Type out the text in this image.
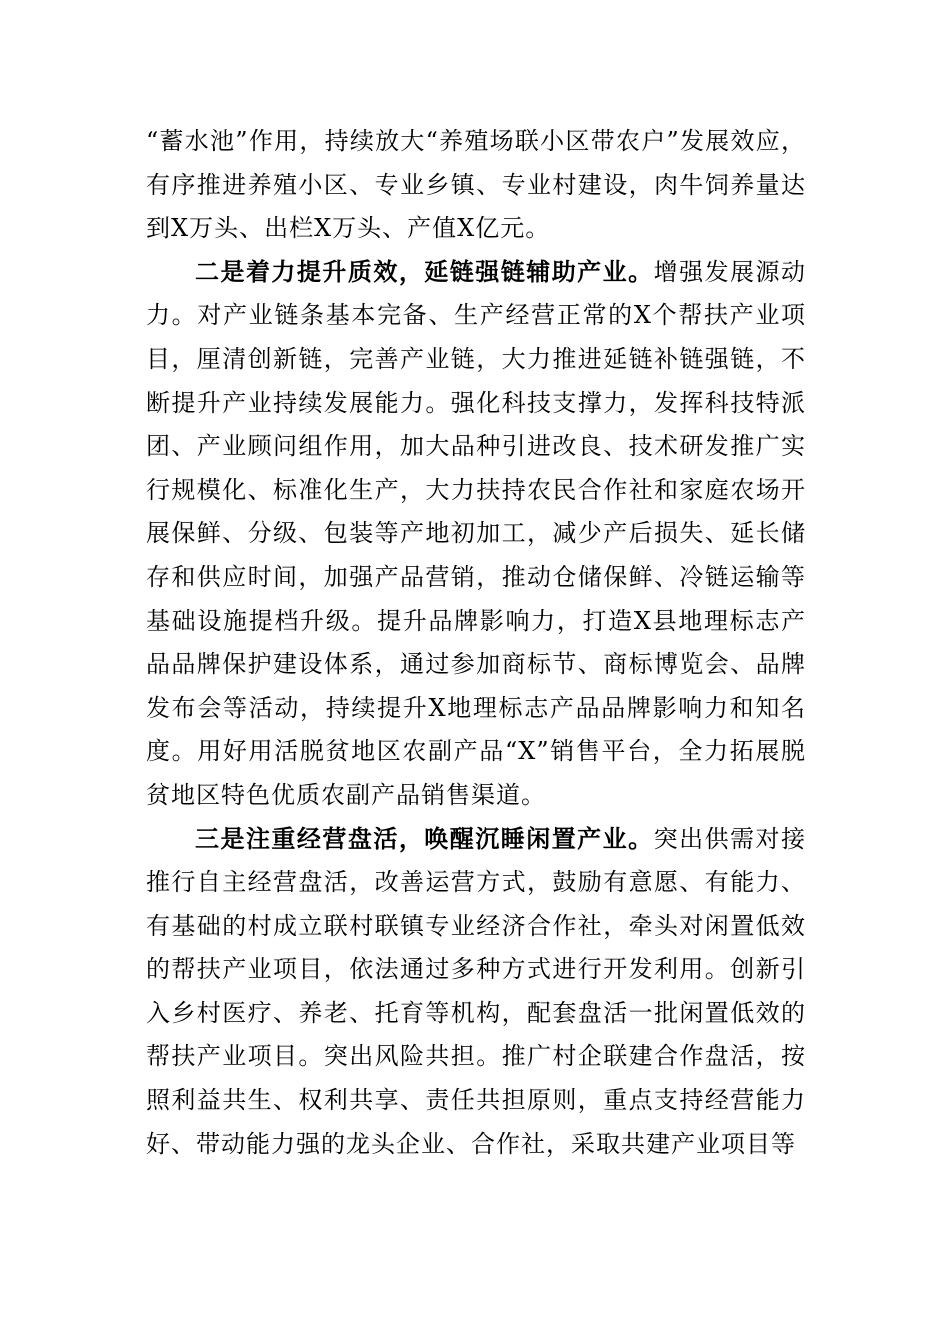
“蓄水池”作用，持续放大“养殖场联小区带农户”发展效应，有序推进养殖小区、专业乡镇、专业村建设，肉牛饲养量达到X万头、出栏X万头、产值X亿元。

二是着力提升质效，延链强链辅助产业。增强发展源动力。对产业链条基本完备、生产经营正常的X个帮扶产业项目，厘清创新链，完善产业链，大力推进延链补链强链，不断提升产业持续发展能力。强化科技支撑力，发挥科技特派团、产业顾问组作用，加大品种引进改良、技术研发推广实行规模化、标准化生产，大力扶持农民合作社和家庭农场开展保鲜、分级、包装等产地初加工，减少产后损失、延长储存和供应时间，加强产品营销，推动仓储保鲜、冷链运输等基础设施提档升级。提升品牌影响力，打造X县地理标志产品品牌保护建设体系，通过参加商标节、商标博览会、品牌发布会等活动，持续提升X地理标志产品品牌影响力和知名度。用好用活脱贫地区农副产品“X”销售平台，全力拓展脱贫地区特色优质农副产品销售渠道。

三是注重经营盘活，唤醒沉睡闲置产业。突出供需对接推行自主经营盘活，改善运营方式，鼓励有意愿、有能力、有基础的村成立联村联镇专业经济合作社，牵头对闲置低效的帮扶产业项目，依法通过多种方式进行开发利用。创新引入乡村医疗、养老、托育等机构，配套盘活一批闲置低效的帮扶产业项目。突出风险共担。推广村企联建合作盘活，按照利益共生、权利共享、责任共担原则，重点支持经营能力好、带动能力强的龙头企业、合作社，采取共建产业项目等
